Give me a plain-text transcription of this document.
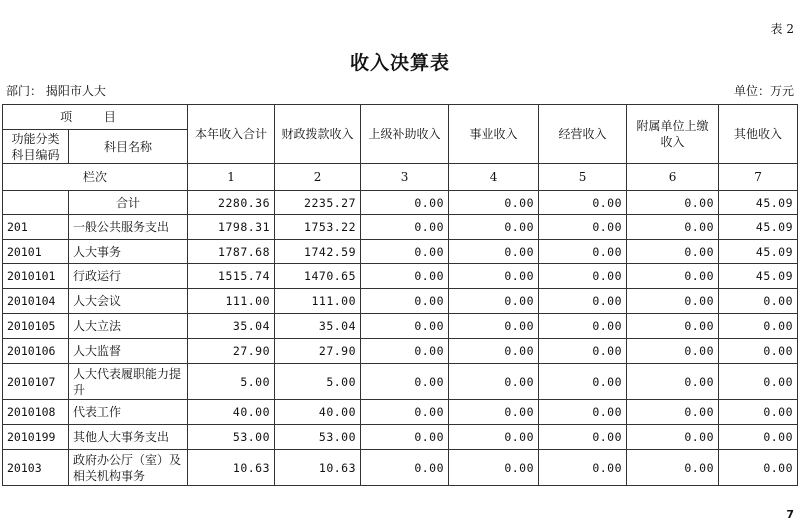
表 2
收入决算表
部门： 揭阳市人大	单位：万元
项 目		本年收入合计	财政拨款收入	上级补助收入	事业收入	经营收入	附属单位上缴收入	其他收入
功能分类科目编码	科目名称							
栏次		1	2	3	4	5	6	7
	合计	2280.36	2235.27	0.00	0.00	0.00	0.00	45.09
201	一般公共服务支出	1798.31	1753.22	0.00	0.00	0.00	0.00	45.09
20101	人大事务	1787.68	1742.59	0.00	0.00	0.00	0.00	45.09
2010101	行政运行	1515.74	1470.65	0.00	0.00	0.00	0.00	45.09
2010104	人大会议	111.00	111.00	0.00	0.00	0.00	0.00	0.00
2010105	人大立法	35.04	35.04	0.00	0.00	0.00	0.00	0.00
2010106	人大监督	27.90	27.90	0.00	0.00	0.00	0.00	0.00
2010107	人大代表履职能力提升	5.00	5.00	0.00	0.00	0.00	0.00	0.00
2010108	代表工作	40.00	40.00	0.00	0.00	0.00	0.00	0.00
2010199	其他人大事务支出	53.00	53.00	0.00	0.00	0.00	0.00	0.00
20103	政府办公厅（室）及相关机构事务	10.63	10.63	0.00	0.00	0.00	0.00	0.00
7
